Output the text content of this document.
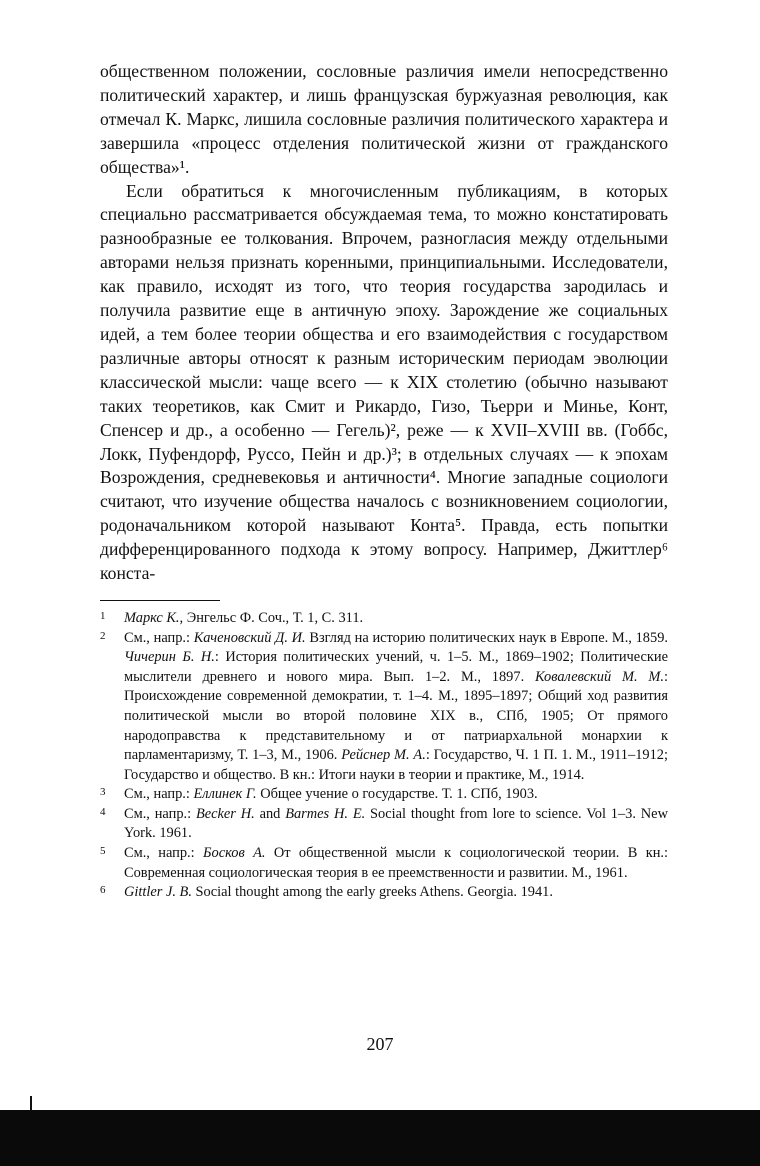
общественном положении, сословные различия имели непосредственно политический характер, и лишь французская буржуазная революция, как отмечал К. Маркс, лишила сословные различия политического характера и завершила «процесс отделения политической жизни от гражданского общества»¹.

Если обратиться к многочисленным публикациям, в которых специально рассматривается обсуждаемая тема, то можно констатировать разнообразные ее толкования. Впрочем, разногласия между отдельными авторами нельзя признать коренными, принципиальными. Исследователи, как правило, исходят из того, что теория государства зародилась и получила развитие еще в античную эпоху. Зарождение же социальных идей, а тем более теории общества и его взаимодействия с государством различные авторы относят к разным историческим периодам эволюции классической мысли: чаще всего — к XIX столетию (обычно называют таких теоретиков, как Смит и Рикардо, Гизо, Тьерри и Минье, Конт, Спенсер и др., а особенно — Гегель)², реже — к XVII–XVIII вв. (Гоббс, Локк, Пуфендорф, Руссо, Пейн и др.)³; в отдельных случаях — к эпохам Возрождения, средневековья и античности⁴. Многие западные социологи считают, что изучение общества началось с возникновением социологии, родоначальником которой называют Конта⁵. Правда, есть попытки дифференцированного подхода к этому вопросу. Например, Джиттлер⁶ конста-

1 Маркс К., Энгельс Ф. Соч., Т. 1, С. 311.
2 См., напр.: Каченовский Д. И. Взгляд на историю политических наук в Европе. М., 1859. Чичерин Б. Н.: История политических учений, ч. 1–5. М., 1869–1902; Политические мыслители древнего и нового мира. Вып. 1–2. М., 1897. Ковалевский М. М.: Происхождение современной демократии, т. 1–4. М., 1895–1897; Общий ход развития политической мысли во второй половине XIX в., СПб, 1905; От прямого народоправства к представительному и от патриархальной монархии к парламентаризму, Т. 1–3, М., 1906. Рейснер М. А.: Государство, Ч. 1 П. 1. М., 1911–1912; Государство и общество. В кн.: Итоги науки в теории и практике, М., 1914.
3 См., напр.: Еллинек Г. Общее учение о государстве. Т. 1. СПб, 1903.
4 См., напр.: Becker H. and Barmes H. E. Social thought from lore to science. Vol 1–3. New York. 1961.
5 См., напр.: Босков А. От общественной мысли к социологической теории. В кн.: Современная социологическая теория в ее преемственности и развитии. М., 1961.
6 Gittler J. B. Social thought among the early greeks Athens. Georgia. 1941.
207
